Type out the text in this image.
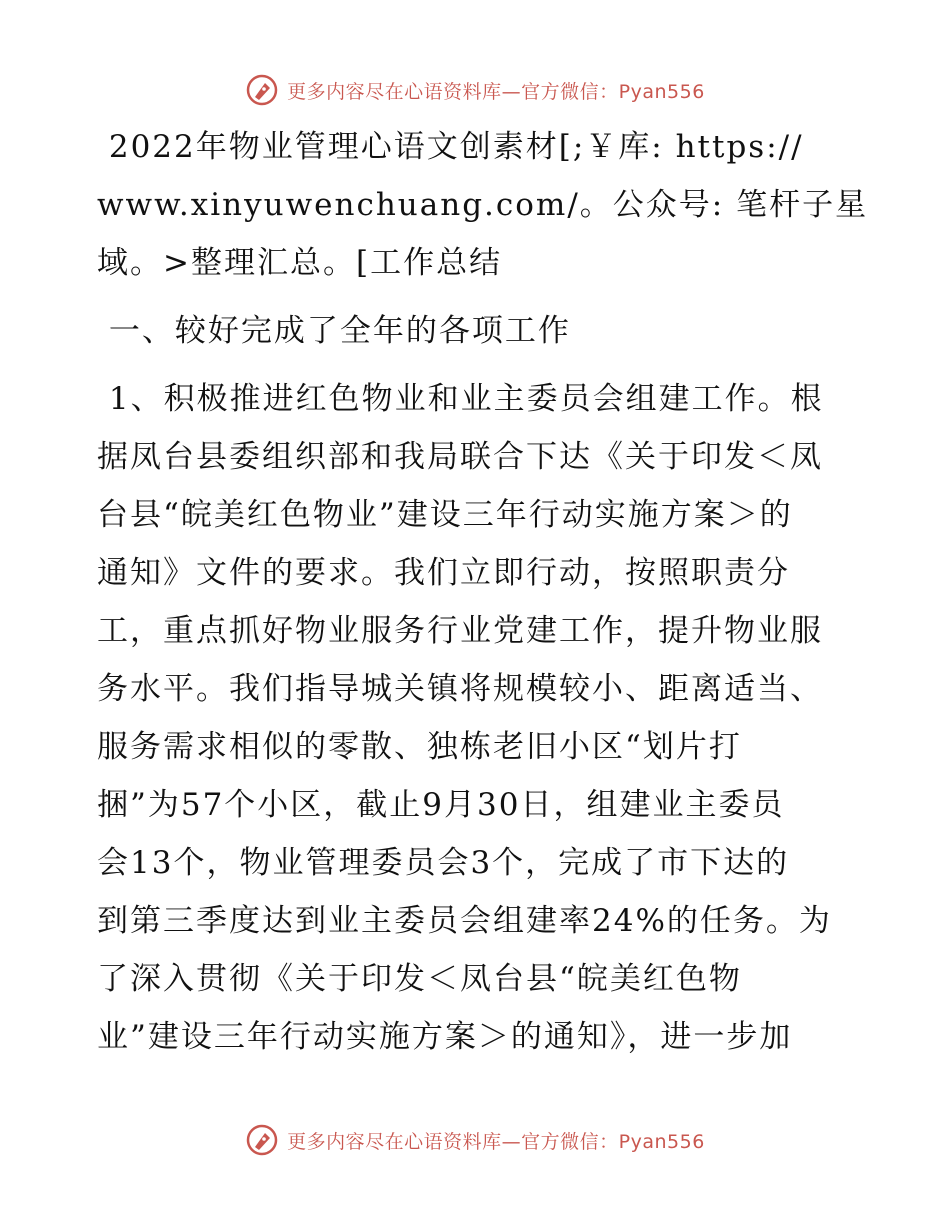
更多内容尽在心语资料库—官方微信：Pyan556

2022年物业管理心语文创素材[;￥库: https://

www.xinyuwenchuang.com/。公众号: 笔杆子星

域。>整理汇总。[工作总结

一、较好完成了全年的各项工作

1、积极推进红色物业和业主委员会组建工作。根

据凤台县委组织部和我局联合下达《关于印发＜凤

台县“皖美红色物业”建设三年行动实施方案＞的

通知》文件的要求。我们立即行动，按照职责分

工，重点抓好物业服务行业党建工作，提升物业服

务水平。我们指导城关镇将规模较小、距离适当、

服务需求相似的零散、独栋老旧小区“划片打

捆”为57个小区，截止9月30日，组建业主委员

会13个，物业管理委员会3个，完成了市下达的

到第三季度达到业主委员会组建率24%的任务。为

了深入贯彻《关于印发＜凤台县“皖美红色物

业”建设三年行动实施方案＞的通知》，进一步加

更多内容尽在心语资料库—官方微信：Pyan556
